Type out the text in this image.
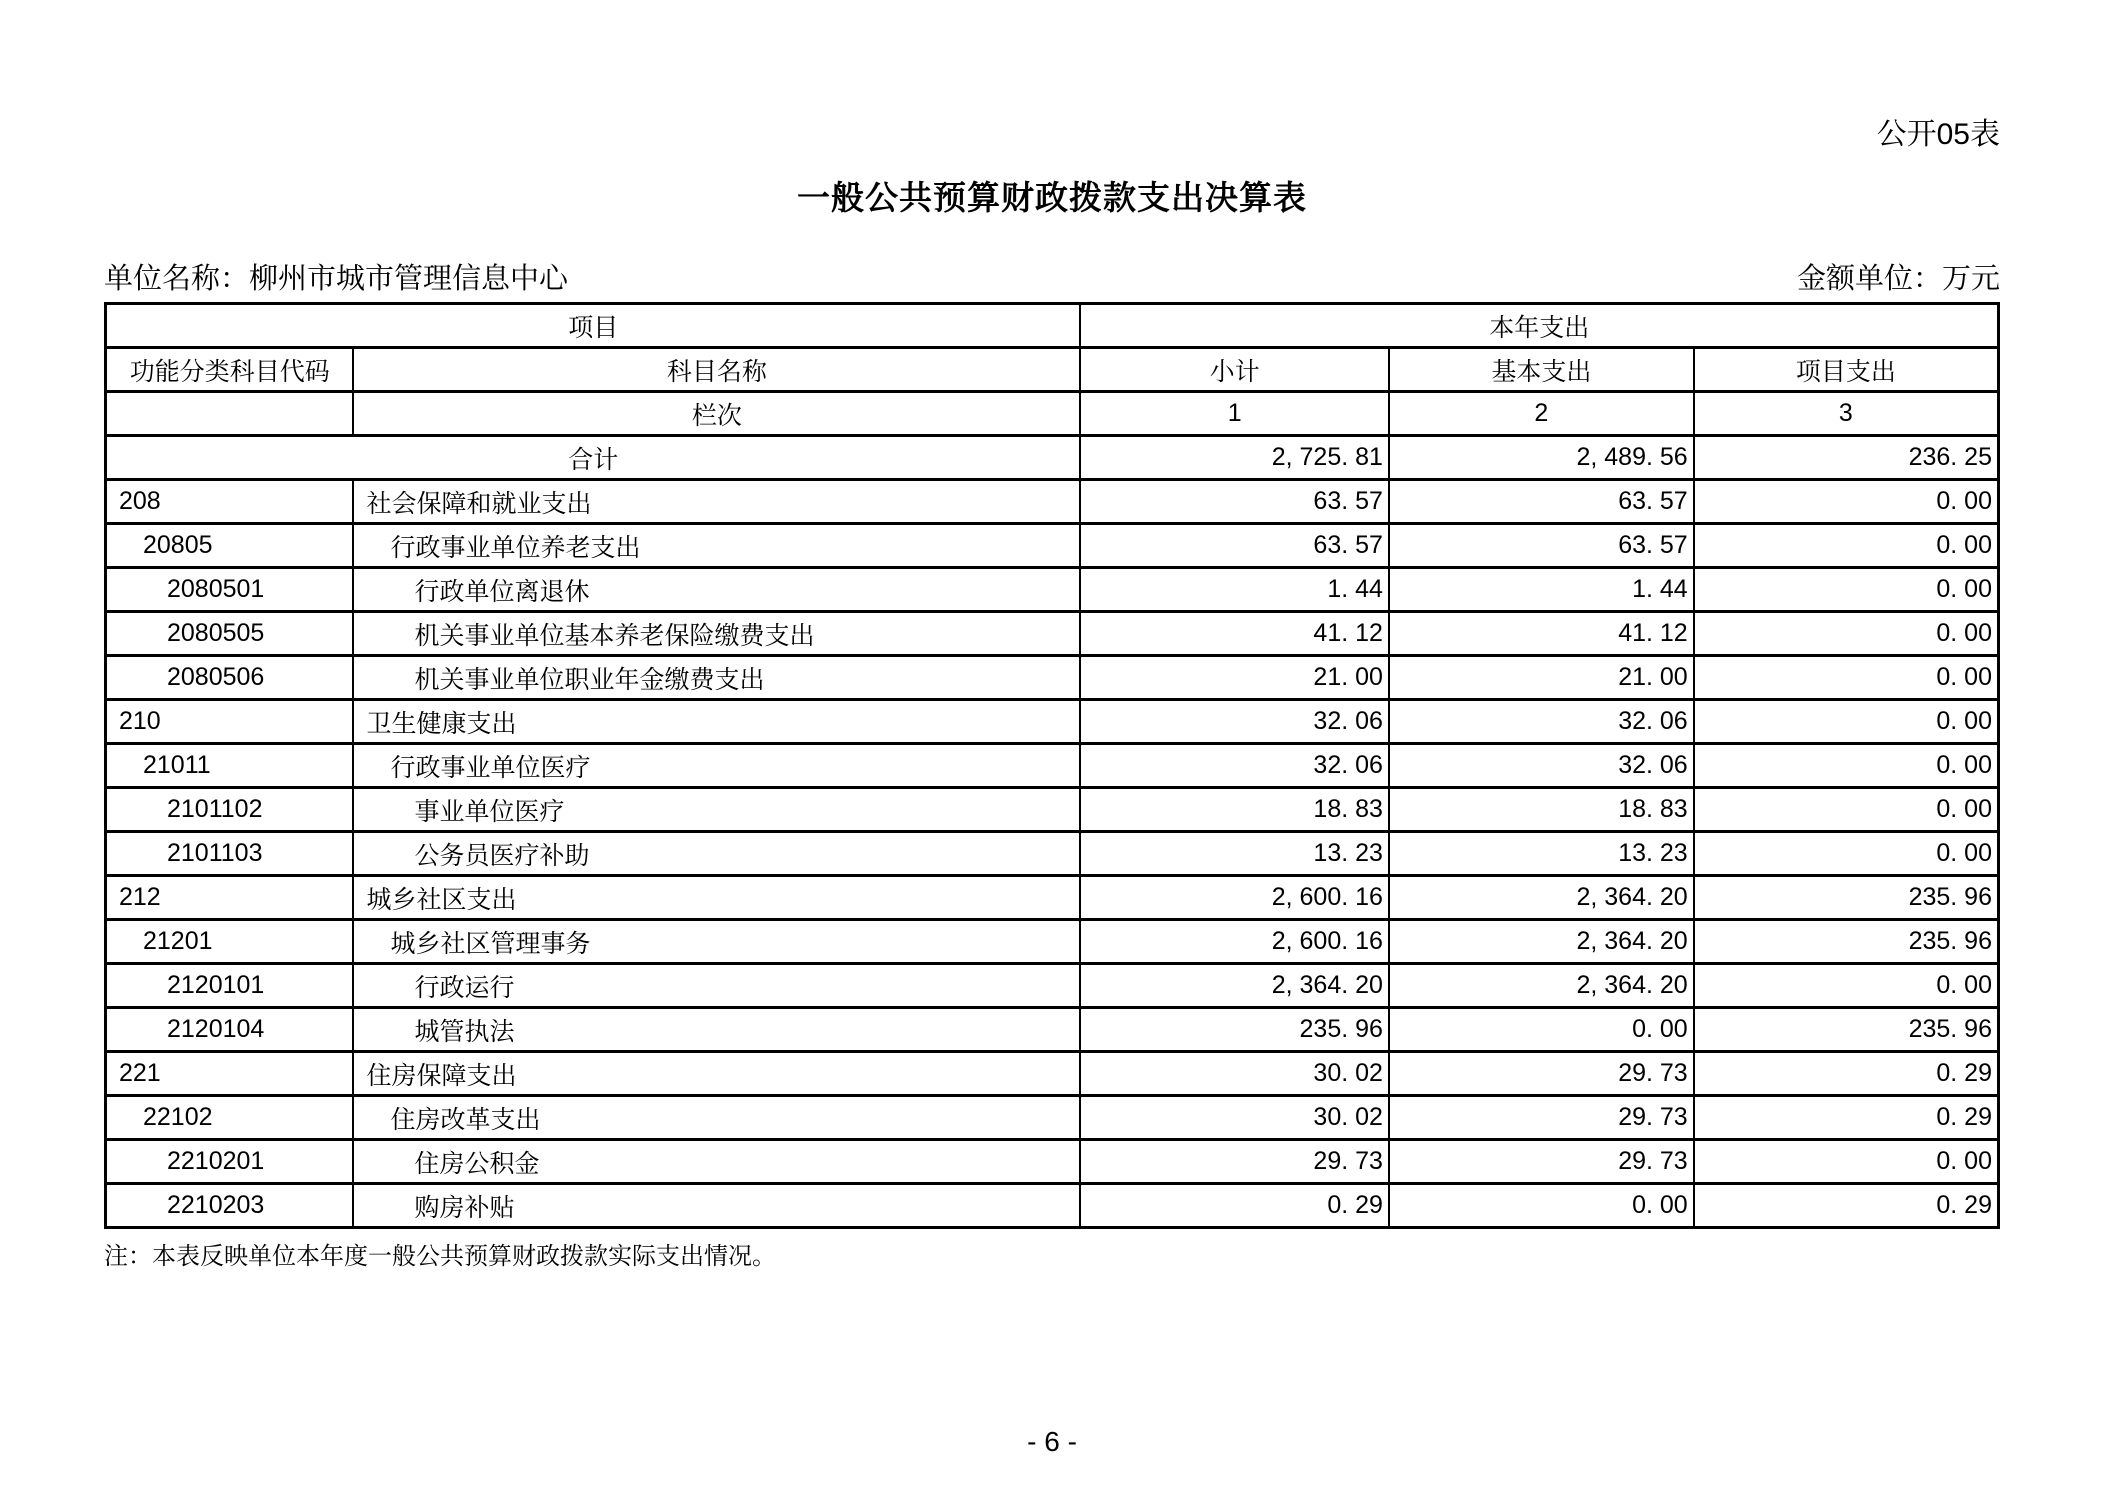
公开05表
一般公共预算财政拨款支出决算表
单位名称：柳州市城市管理信息中心	金额单位：万元
项目		本年支出		
功能分类科目代码	科目名称	小计	基本支出	项目支出
	栏次	1	2	3
合计		2, 725. 81	2, 489. 56	236. 25
208	社会保障和就业支出	63. 57	63. 57	0. 00
20805	行政事业单位养老支出	63. 57	63. 57	0. 00
2080501	行政单位离退休	1. 44	1. 44	0. 00
2080505	机关事业单位基本养老保险缴费支出	41. 12	41. 12	0. 00
2080506	机关事业单位职业年金缴费支出	21. 00	21. 00	0. 00
210	卫生健康支出	32. 06	32. 06	0. 00
21011	行政事业单位医疗	32. 06	32. 06	0. 00
2101102	事业单位医疗	18. 83	18. 83	0. 00
2101103	公务员医疗补助	13. 23	13. 23	0. 00
212	城乡社区支出	2, 600. 16	2, 364. 20	235. 96
21201	城乡社区管理事务	2, 600. 16	2, 364. 20	235. 96
2120101	行政运行	2, 364. 20	2, 364. 20	0. 00
2120104	城管执法	235. 96	0. 00	235. 96
221	住房保障支出	30. 02	29. 73	0. 29
22102	住房改革支出	30. 02	29. 73	0. 29
2210201	住房公积金	29. 73	29. 73	0. 00
2210203	购房补贴	0. 29	0. 00	0. 29
注：本表反映单位本年度一般公共预算财政拨款实际支出情况。
- 6 -
